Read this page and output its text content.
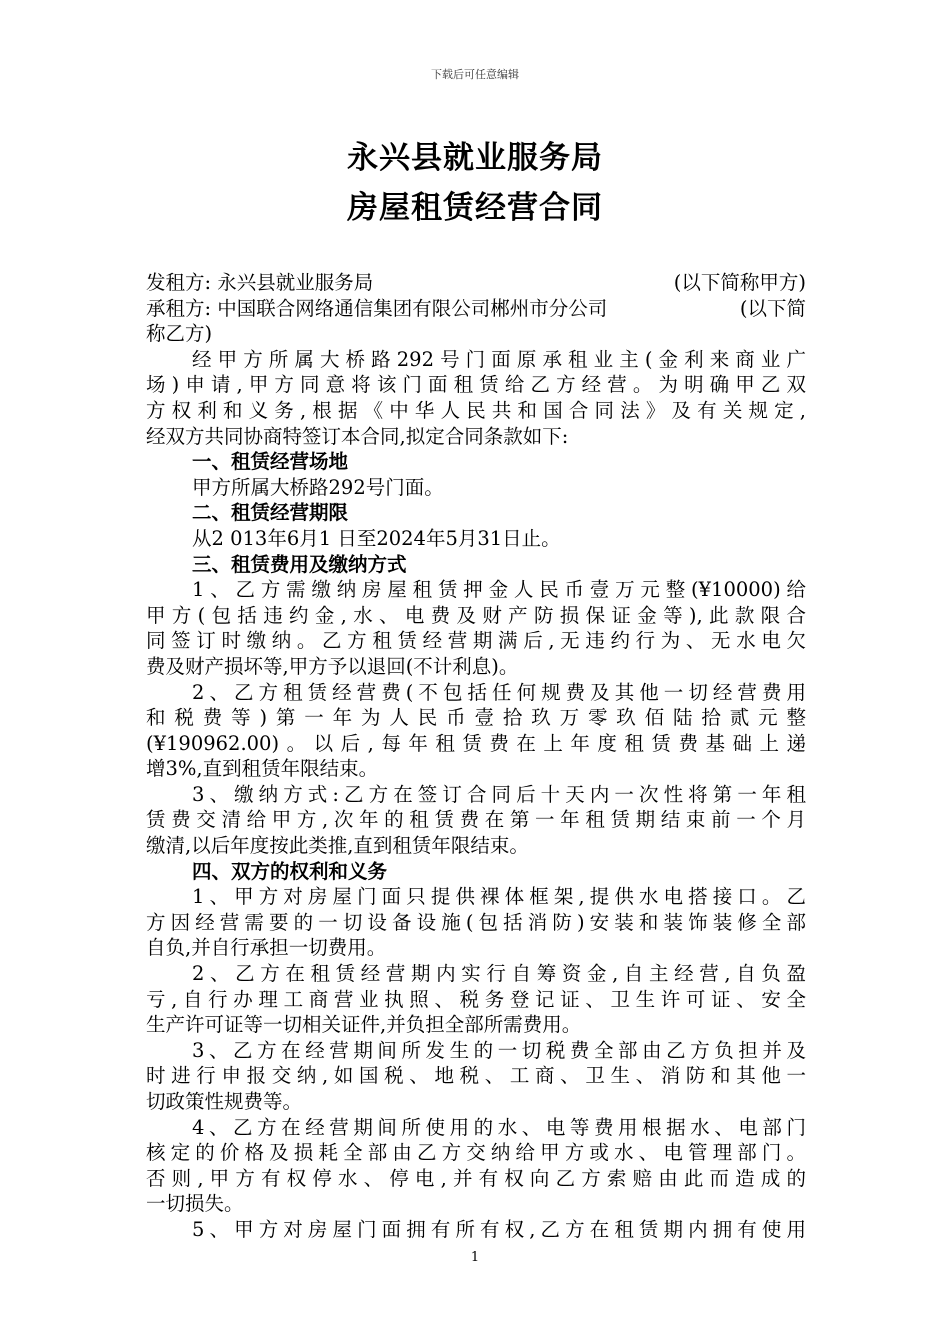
下载后可任意编辑
永兴县就业服务局
房屋租赁经营合同
发租方: 永兴县就业服务局	(以下简称甲方)
承租方: 中国联合网络通信集团有限公司郴州市分公司	(以下简
称乙方)
经甲方所属大桥路292号门面原承租业主(金利来商业广
场)申请,甲方同意将该门面租赁给乙方经营。为明确甲乙双
方权利和义务,根据《中华人民共和国合同法》及有关规定,
经双方共同协商特签订本合同,拟定合同条款如下:
一、租赁经营场地
甲方所属大桥路292号门面。
二、租赁经营期限
从2 013年6月1 日至2024年5月31日止。
三、租赁费用及缴纳方式
1、乙方需缴纳房屋租赁押金人民币壹万元整(¥10000)给
甲方(包括违约金,水、电费及财产防损保证金等),此款限合
同签订时缴纳。乙方租赁经营期满后,无违约行为、无水电欠
费及财产损坏等,甲方予以退回(不计利息)。
2、乙方租赁经营费(不包括任何规费及其他一切经营费用
和税费等)第一年为人民币壹拾玖万零玖佰陆拾贰元整
(¥190962.00)。以后,每年租赁费在上年度租赁费基础上递
增3%,直到租赁年限结束。
3、缴纳方式:乙方在签订合同后十天内一次性将第一年租
赁费交清给甲方,次年的租赁费在第一年租赁期结束前一个月
缴清,以后年度按此类推,直到租赁年限结束。
四、双方的权利和义务
1、甲方对房屋门面只提供裸体框架,提供水电搭接口。乙
方因经营需要的一切设备设施(包括消防)安装和装饰装修全部
自负,并自行承担一切费用。
2、乙方在租赁经营期内实行自筹资金,自主经营,自负盈
亏,自行办理工商营业执照、税务登记证、卫生许可证、安全
生产许可证等一切相关证件,并负担全部所需费用。
3、乙方在经营期间所发生的一切税费全部由乙方负担并及
时进行申报交纳,如国税、地税、工商、卫生、消防和其他一
切政策性规费等。
4、乙方在经营期间所使用的水、电等费用根据水、电部门
核定的价格及损耗全部由乙方交纳给甲方或水、电管理部门。
否则,甲方有权停水、停电,并有权向乙方索赔由此而造成的
一切损失。
5、甲方对房屋门面拥有所有权,乙方在租赁期内拥有使用
1
